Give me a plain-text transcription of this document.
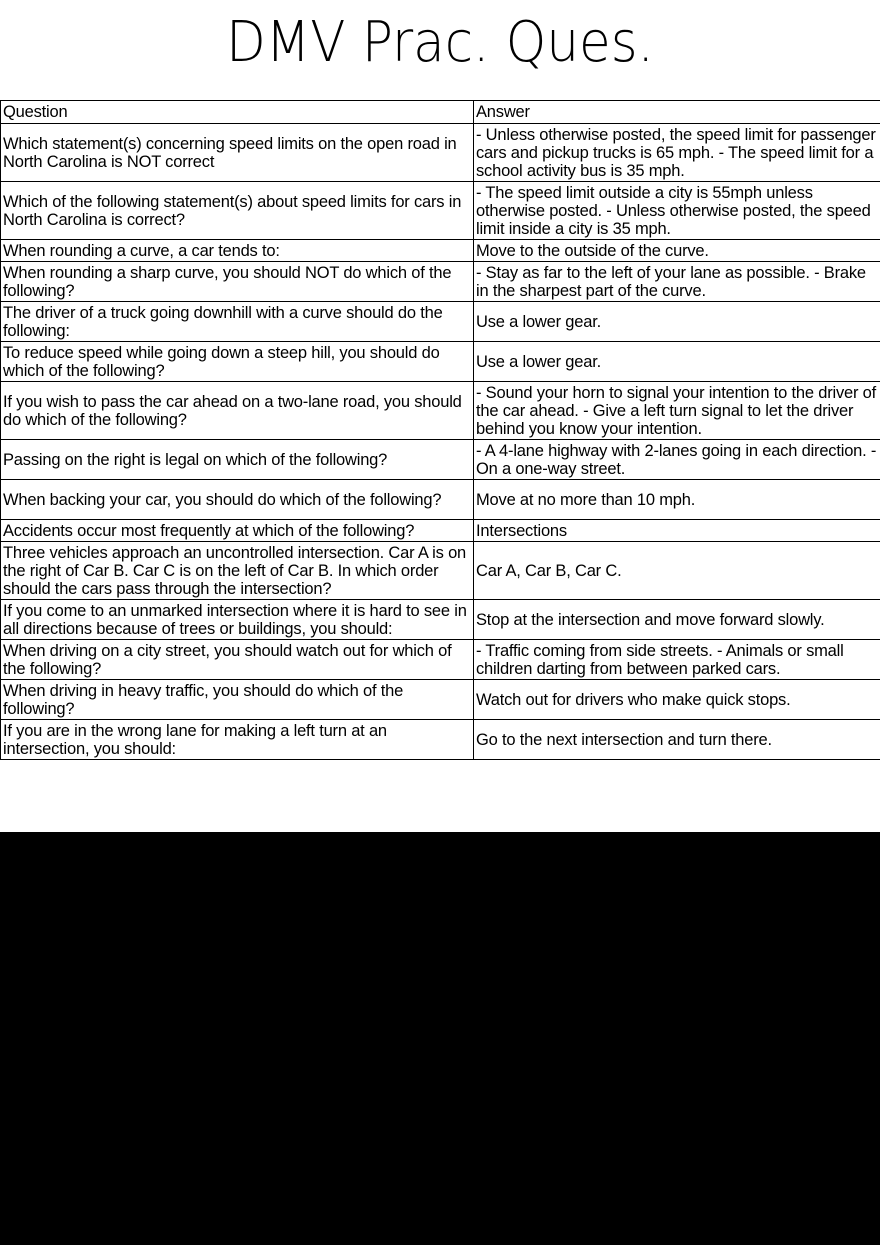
DMV Prac. Ques.
Question	Answer
Which statement(s) concerning speed limits on the open road in North Carolina is NOT correct	- Unless otherwise posted, the speed limit for passenger cars and pickup trucks is 65 mph. - The speed limit for a school activity bus is 35 mph.
Which of the following statement(s) about speed limits for cars in North Carolina is correct?	- The speed limit outside a city is 55mph unless otherwise posted. - Unless otherwise posted, the speed limit inside a city is 35 mph.
When rounding a curve, a car tends to:	Move to the outside of the curve.
When rounding a sharp curve, you should NOT do which of the following?	- Stay as far to the left of your lane as possible. - Brake in the sharpest part of the curve.
The driver of a truck going downhill with a curve should do the following:	Use a lower gear.
To reduce speed while going down a steep hill, you should do which of the following?	Use a lower gear.
If you wish to pass the car ahead on a two-lane road, you should do which of the following?	- Sound your horn to signal your intention to the driver of the car ahead. - Give a left turn signal to let the driver behind you know your intention.
Passing on the right is legal on which of the following?	- A 4-lane highway with 2-lanes going in each direction. - On a one-way street.
When backing your car, you should do which of the following?	Move at no more than 10 mph.
Accidents occur most frequently at which of the following?	Intersections
Three vehicles approach an uncontrolled intersection. Car A is on the right of Car B. Car C is on the left of Car B. In which order should the cars pass through the intersection?	Car A, Car B, Car C.
If you come to an unmarked intersection where it is hard to see in all directions because of trees or buildings, you should:	Stop at the intersection and move forward slowly.
When driving on a city street, you should watch out for which of the following?	- Traffic coming from side streets. - Animals or small children darting from between parked cars.
When driving in heavy traffic, you should do which of the following?	Watch out for drivers who make quick stops.
If you are in the wrong lane for making a left turn at an intersection, you should:	Go to the next intersection and turn there.
